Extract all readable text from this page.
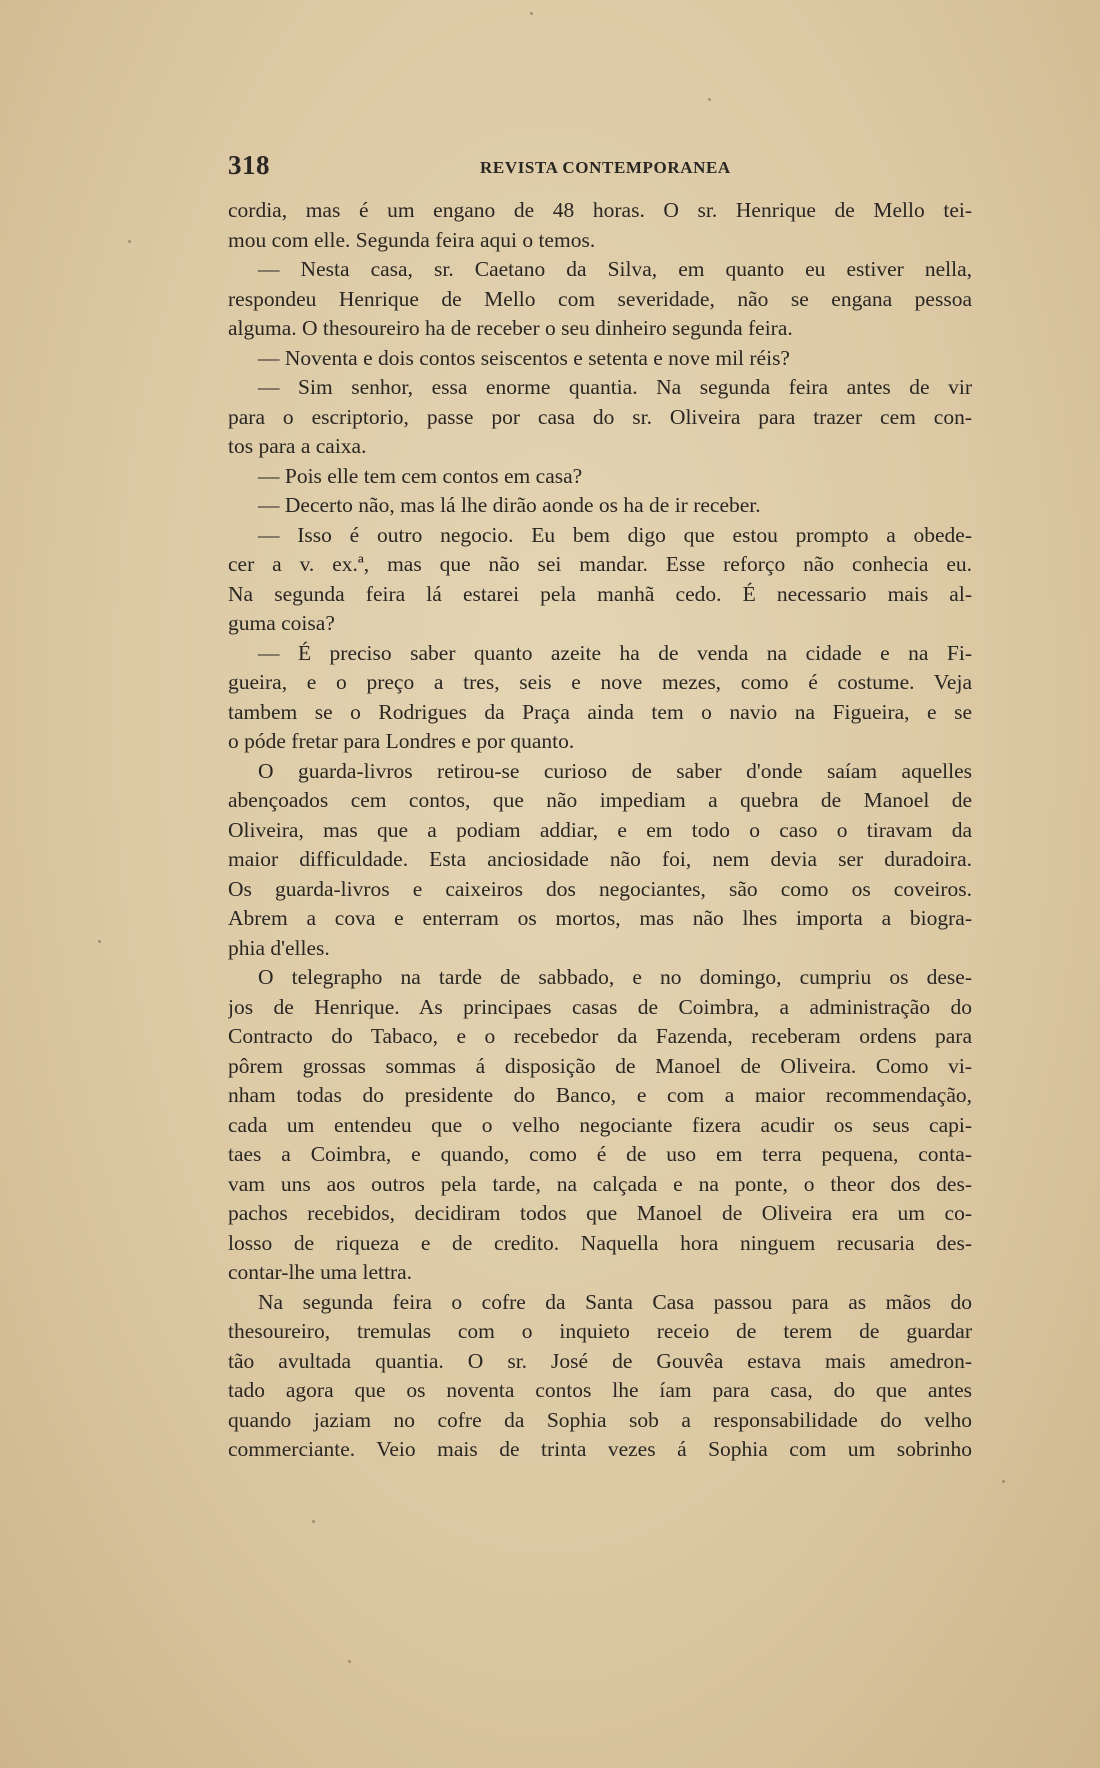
318	REVISTA CONTEMPORANEA
cordia, mas é um engano de 48 horas. O sr. Henrique de Mello tei-
mou com elle. Segunda feira aqui o temos.
— Nesta casa, sr. Caetano da Silva, em quanto eu estiver nella,
respondeu Henrique de Mello com severidade, não se engana pessoa
alguma. O thesoureiro ha de receber o seu dinheiro segunda feira.
— Noventa e dois contos seiscentos e setenta e nove mil réis?
— Sim senhor, essa enorme quantia. Na segunda feira antes de vir
para o escriptorio, passe por casa do sr. Oliveira para trazer cem con-
tos para a caixa.
— Pois elle tem cem contos em casa?
— Decerto não, mas lá lhe dirão aonde os ha de ir receber.
— Isso é outro negocio. Eu bem digo que estou prompto a obede-
cer a v. ex.ª, mas que não sei mandar. Esse reforço não conhecia eu.
Na segunda feira lá estarei pela manhã cedo. É necessario mais al-
guma coisa?
— É preciso saber quanto azeite ha de venda na cidade e na Fi-
gueira, e o preço a tres, seis e nove mezes, como é costume. Veja
tambem se o Rodrigues da Praça ainda tem o navio na Figueira, e se
o póde fretar para Londres e por quanto.
O guarda-livros retirou-se curioso de saber d'onde saíam aquelles
abençoados cem contos, que não impediam a quebra de Manoel de
Oliveira, mas que a podiam addiar, e em todo o caso o tiravam da
maior difficuldade. Esta anciosidade não foi, nem devia ser duradoira.
Os guarda-livros e caixeiros dos negociantes, são como os coveiros.
Abrem a cova e enterram os mortos, mas não lhes importa a biogra-
phia d'elles.
O telegrapho na tarde de sabbado, e no domingo, cumpriu os dese-
jos de Henrique. As principaes casas de Coimbra, a administração do
Contracto do Tabaco, e o recebedor da Fazenda, receberam ordens para
pôrem grossas sommas á disposição de Manoel de Oliveira. Como vi-
nham todas do presidente do Banco, e com a maior recommendação,
cada um entendeu que o velho negociante fizera acudir os seus capi-
taes a Coimbra, e quando, como é de uso em terra pequena, conta-
vam uns aos outros pela tarde, na calçada e na ponte, o theor dos des-
pachos recebidos, decidiram todos que Manoel de Oliveira era um co-
losso de riqueza e de credito. Naquella hora ninguem recusaria des-
contar-lhe uma lettra.
Na segunda feira o cofre da Santa Casa passou para as mãos do
thesoureiro, tremulas com o inquieto receio de terem de guardar
tão avultada quantia. O sr. José de Gouvêa estava mais amedron-
tado agora que os noventa contos lhe íam para casa, do que antes
quando jaziam no cofre da Sophia sob a responsabilidade do velho
commerciante. Veio mais de trinta vezes á Sophia com um sobrinho
